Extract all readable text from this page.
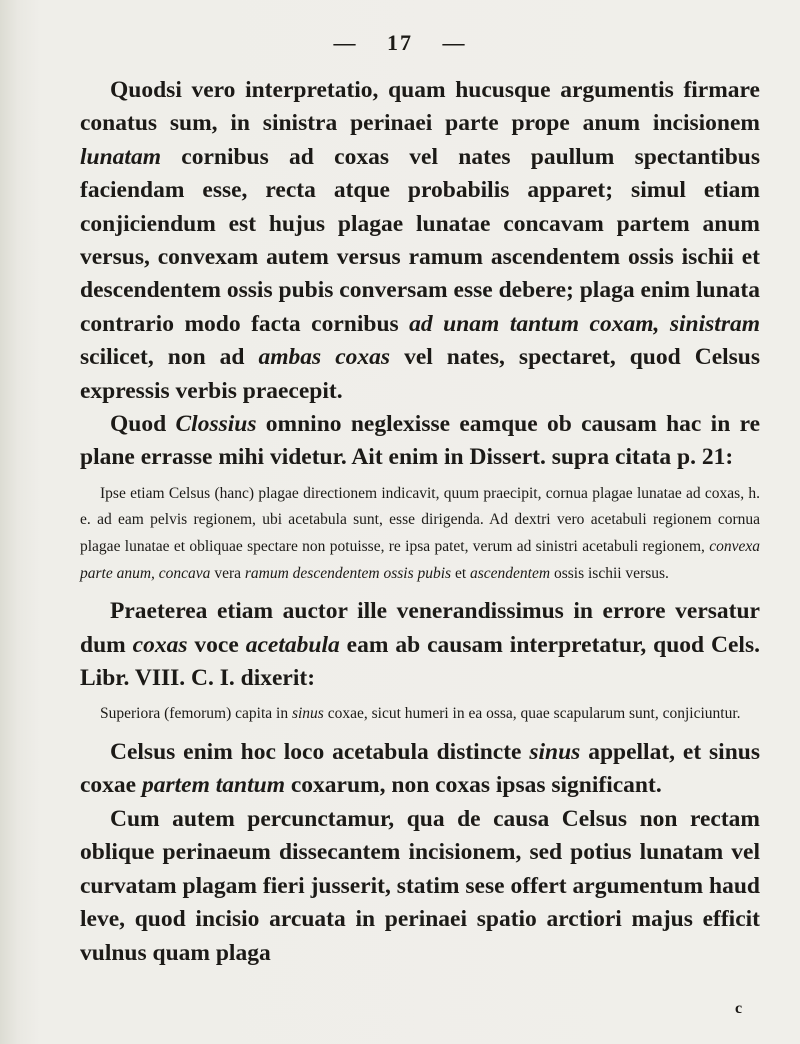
— 17 —

Quodsi vero interpretatio, quam hucusque argumentis firmare conatus sum, in sinistra perinaei parte prope anum incisionem lunatam cornibus ad coxas vel nates paullum spectantibus faciendam esse, recta atque probabilis apparet; simul etiam conjiciendum est hujus plagae lunatae concavam partem anum versus, convexam autem versus ramum ascendentem ossis ischii et descendentem ossis pubis conversam esse debere; plaga enim lunata contrario modo facta cornibus ad unam tantum coxam, sinistram scilicet, non ad ambas coxas vel nates, spectaret, quod Celsus expressis verbis praecepit.

Quod Clossius omnino neglexisse eamque ob causam hac in re plane errasse mihi videtur. Ait enim in Dissert. supra citata p. 21:

Ipse etiam Celsus (hanc) plagae directionem indicavit, quum praecipit, cornua plagae lunatae ad coxas, h. e. ad eam pelvis regionem, ubi acetabula sunt, esse dirigenda. Ad dextri vero acetabuli regionem cornua plagae lunatae et obliquae spectare non potuisse, re ipsa patet, verum ad sinistri acetabuli regionem, convexa parte anum, concava vera ramum descendentem ossis pubis et ascendentem ossis ischii versus.

Praeterea etiam auctor ille venerandissimus in errore versatur dum coxas voce acetabula eam ab causam interpretatur, quod Cels. Libr. VIII. C. I. dixerit:

Superiora (femorum) capita in sinus coxae, sicut humeri in ea ossa, quae scapularum sunt, conjiciuntur.

Celsus enim hoc loco acetabula distincte sinus appellat, et sinus coxae partem tantum coxarum, non coxas ipsas significant.

Cum autem percunctamur, qua de causa Celsus non rectam oblique perinaeum dissecantem incisionem, sed potius lunatam vel curvatam plagam fieri jusserit, statim sese offert argumentum haud leve, quod incisio arcuata in perinaei spatio arctiori majus efficit vulnus quam plaga

c
